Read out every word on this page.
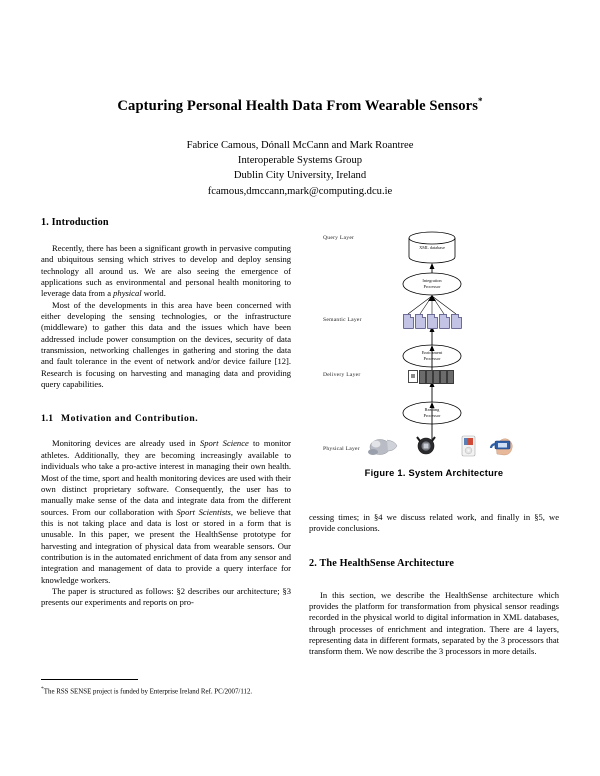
Capturing Personal Health Data From Wearable Sensors*
Fabrice Camous, Dónall McCann and Mark Roantree
Interoperable Systems Group
Dublin City University, Ireland
fcamous,dmccann,mark@computing.dcu.ie
1. Introduction

Recently, there has been a significant growth in pervasive computing and ubiquitous sensing which strives to develop and deploy sensing technology all around us. We are also seeing the emergence of applications such as environmental and personal health monitoring to leverage data from a physical world.

Most of the developments in this area have been concerned with either developing the sensing technologies, or the infrastructure (middleware) to gather this data and the issues which have been addressed include power consumption on the devices, security of data transmission, networking challenges in gathering and storing the data and fault tolerance in the event of network and/or device failure [12]. Research is focusing on harvesting and managing data and providing query capabilities.

1.1 Motivation and Contribution.

Monitoring devices are already used in Sport Science to monitor athletes. Additionally, they are becoming increasingly available to individuals who take a pro-active interest in managing their own health. Most of the time, sport and health monitoring devices are used with their own distinct proprietary software. Consequently, the user has to manually make sense of the data and integrate data from the different sources. From our collaboration with Sport Scientists, we believe that this is not taking place and data is lost or stored in a form that is unusable. In this paper, we present the HealthSense prototype for harvesting and integration of physical data from wearable sensors. Our contribution is in the automated enrichment of data from any sensor and integration and management of data to provide a query interface for knowledge workers.

The paper is structured as follows: §2 describes our architecture; §3 presents our experiments and reports on pro-

*The RSS SENSE project is funded by Enterprise Ireland Ref. PC/2007/112.
XML database
Integration
Processor
Enrichment
Processor
Reading
Processor
Query Layer
Semantic Layer
Delivery Layer
Physical Layer
Figure 1. System Architecture

cessing times; in §4 we discuss related work, and finally in §5, we provide conclusions.

2. The HealthSense Architecture

In this section, we describe the HealthSense architecture which provides the platform for transformation from physical sensor readings recorded in the physical world to digital information in XML databases, through processes of enrichment and integration. There are 4 layers, representing data in different formats, separated by the 3 processors that transform them. We now describe the 3 processors in more details.
